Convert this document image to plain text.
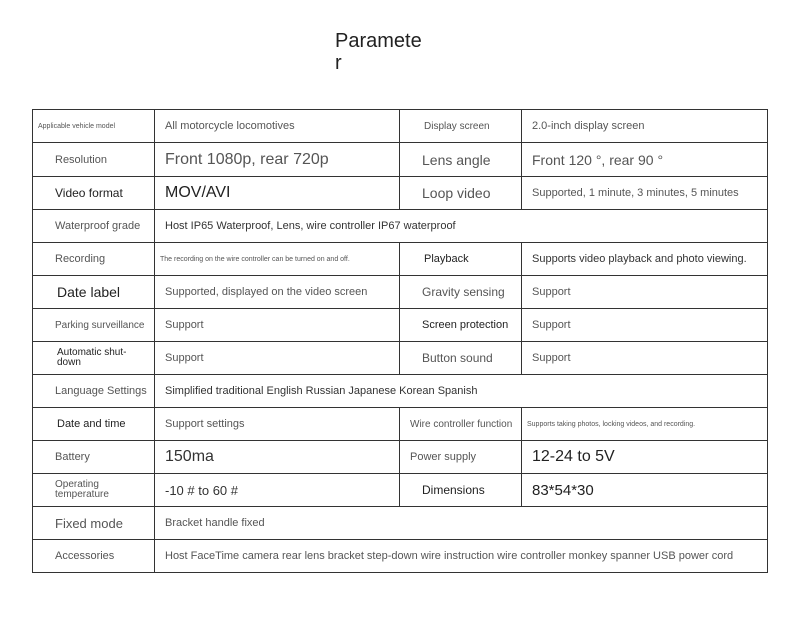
Parameter
Applicable vehicle model	All motorcycle locomotives	Display screen	2.0-inch display screen
Resolution	Front 1080p, rear 720p	Lens angle	Front 120 °, rear 90 °
Video format	MOV/AVI	Loop video	Supported, 1 minute, 3 minutes, 5 minutes
Waterproof grade	Host IP65 Waterproof, Lens, wire controller IP67 waterproof		
Recording	The recording on the wire controller can be turned on and off.	Playback	Supports video playback and photo viewing.
Date label	Supported, displayed on the video screen	Gravity sensing	Support
Parking surveillance	Support	Screen protection	Support
Automatic shut-down	Support	Button sound	Support
Language Settings	Simplified traditional English Russian Japanese Korean Spanish		
Date and time	Support settings	Wire controller function	Supports taking photos, locking videos, and recording.
Battery	150ma	Power supply	12-24 to 5V
Operating temperature	-10 # to 60 #	Dimensions	83*54*30
Fixed mode	Bracket handle fixed		
Accessories	Host FaceTime camera rear lens bracket step-down wire instruction wire controller monkey spanner USB power cord		
